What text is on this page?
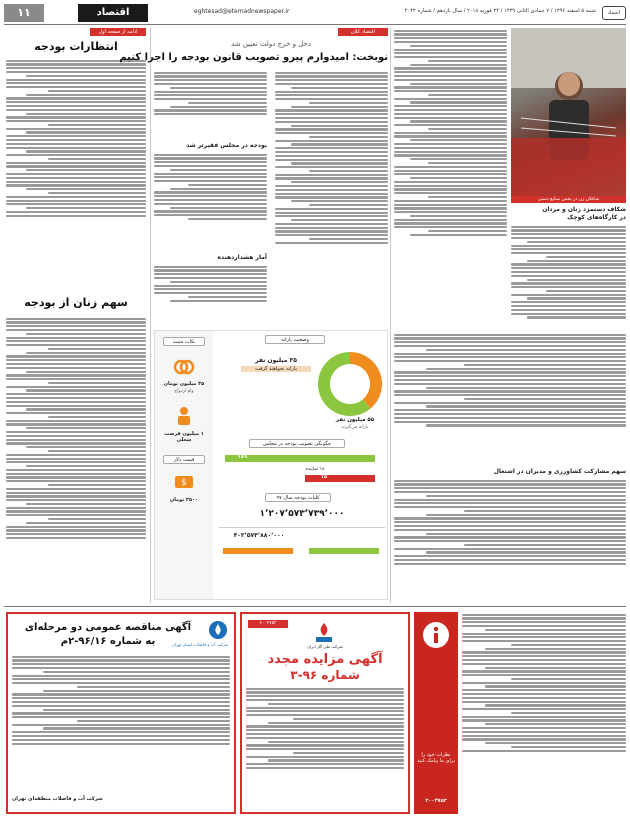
۱۱	اقتصاد	eghtesad@etemadnewspaper.ir	شنبه ۵ اسفند ۱۳۹۶ / ۷ جمادی الثانی ۱۴۳۹ / ۲۴ فوریه ۲۰۱۸ / سال یازدهم / شماره ۴۰۴۲	اعتماد
ادامه از صفحه اول
انتظارات بودجه
سهم زنان از بودجه
اقتصاد کلان
دخل و خرج دولت تعیین شد
نوبخت: امیدوارم پیرو تصویب قانون بودجه را اجرا کنیم
بودجه در مجلس فقیرتر شد
آمار هشداردهنده
نکات مثبت
۳۵ میلیون تومان
وام ازدواج
۱ میلیون فرصت شغلی
قیمت دلار
$
۳۵۰۰ تومان
وضعیت یارانه
۳۵ میلیون نفر
یارانه نخواهند گرفت
۵۵ میلیون نفر
یارانه می‌گیرند
چگونگی تصویب بودجه در مجلس
۱۸۹
۱۸ نماینده
۱۵
کلیات بودجه سال ۹۷
۱٬۲۰۷٬۵۷۳٬۷۳۹٬۰۰۰
۴۰۳٬۵۷۴٬۸۸۰٬۰۰۰
شاغلان زن در بخش صنایع دستی
شکاف دستمزد زنان و مردان
در کارگاه‌های کوچک
سهم مشارکت کشاورزی و مدیران در اشتغال
آگهی مناقصه عمومی دو مرحله‌ای
به شماره ۹۶/۱۶-۲م	شرکت آب و فاضلاب استان تهران
شرکت آب و فاضلاب منطقه‌ای تهران
۲۰۰۴۷۵۳
شرکت ملی گاز ایران
آگهی مزایده مجدد
شماره ۹۶-۳
نظرات خود را برای ما پیامک کنید
۲۰۰۴۷۵۳
